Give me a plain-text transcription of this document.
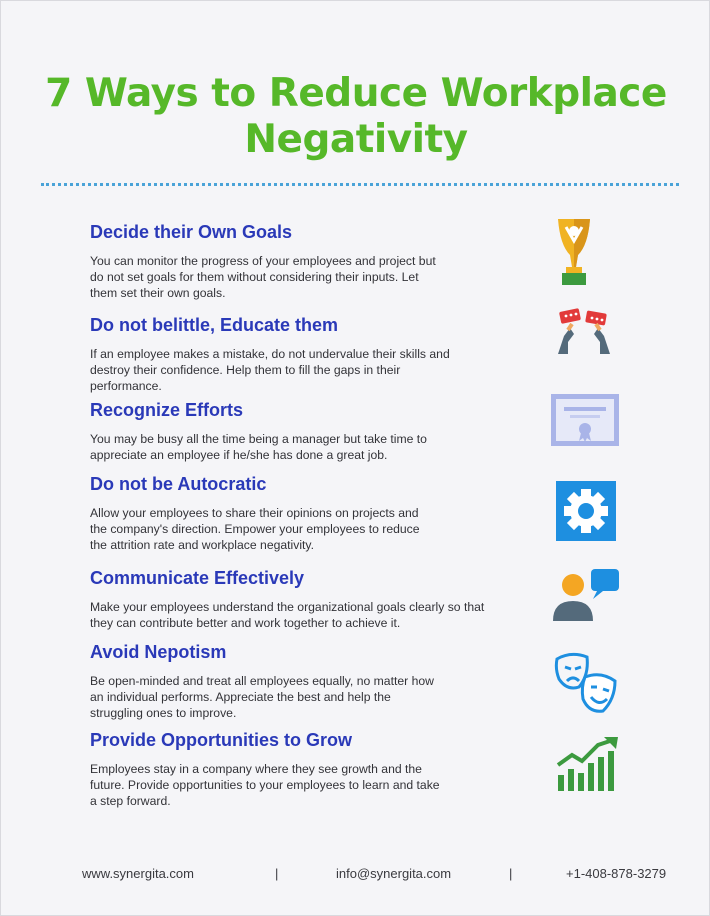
7 Ways to Reduce Workplace Negativity
Decide their Own Goals

You can monitor the progress of your employees and project but do not set goals for them without considering their inputs. Let them set their own goals.

Do not belittle, Educate them

If an employee makes a mistake, do not undervalue their skills and destroy their confidence. Help them to fill the gaps in their performance.

Recognize Efforts

You may be busy all the time being a manager but take time to appreciate an employee if he/she has done a great job.

Do not be Autocratic

Allow your employees to share their opinions on projects and the company's direction. Empower your employees to reduce the attrition rate and workplace negativity.

Communicate Effectively

Make your employees understand the organizational goals clearly so that they can contribute better and work together to achieve it.

Avoid Nepotism

Be open-minded and treat all employees equally, no matter how an individual performs. Appreciate the best and help the struggling ones to improve.

Provide Opportunities to Grow

Employees stay in a company where they see growth and the future. Provide opportunities to your employees to learn and take a step forward.

www.synergita.com	|	info@synergita.com	|	+1-408-878-3279
